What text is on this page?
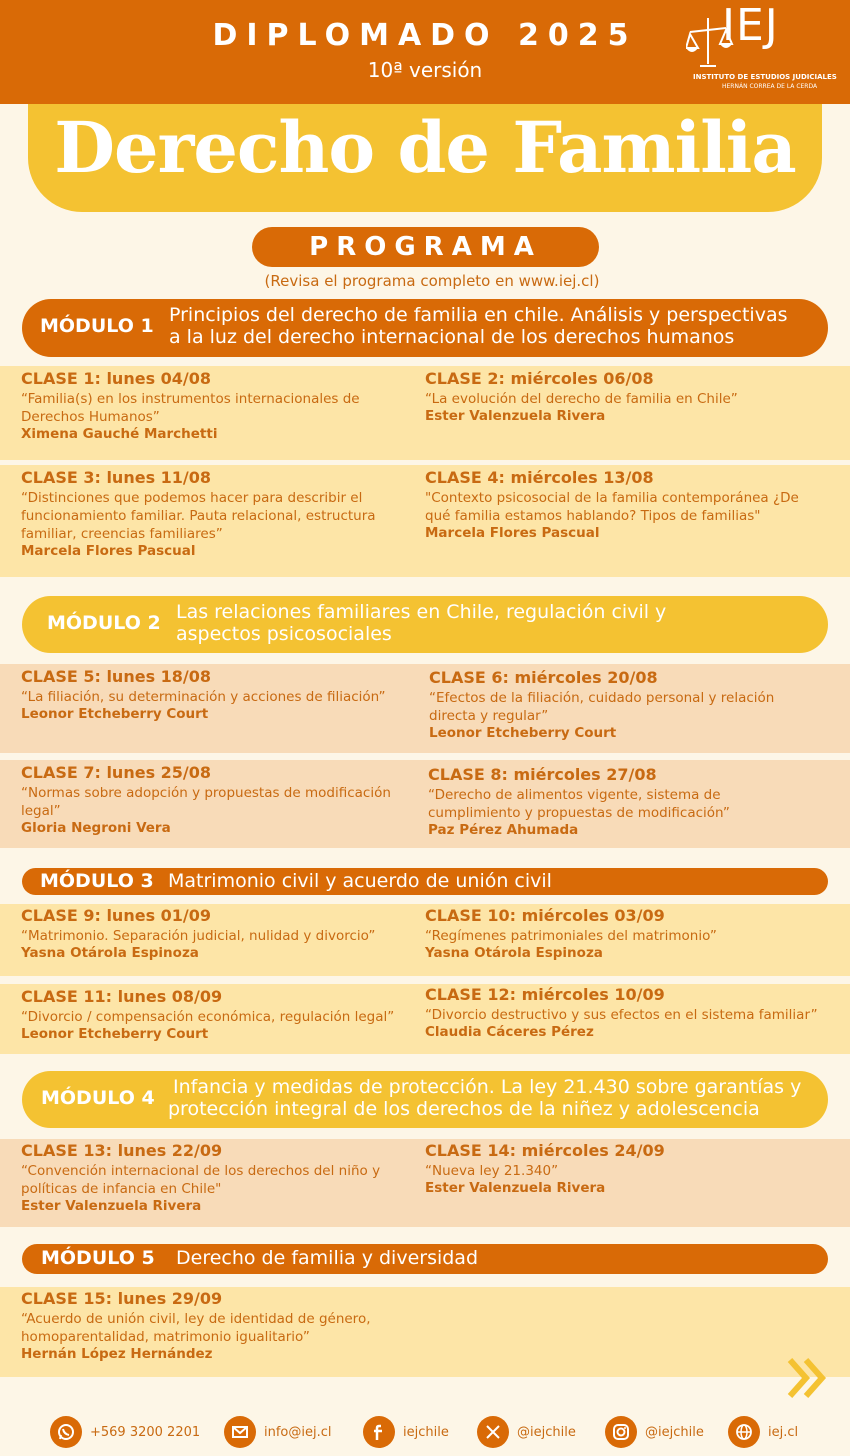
DIPLOMADO 2025
10ª versión
IEJ
INSTITUTO DE ESTUDIOS JUDICIALES
HERNÁN CORREA DE LA CERDA
Derecho de Familia
PROGRAMA
(Revisa el programa completo en www.iej.cl)
MÓDULO 1 Principios del derecho de familia en chile. Análisis y perspectivas
a la luz del derecho internacional de los derechos humanos
CLASE 1: lunes 04/08
“Familia(s) en los instrumentos internacionales de Derechos Humanos”
Ximena Gauché Marchetti
CLASE 2: miércoles 06/08
“La evolución del derecho de familia en Chile”
Ester Valenzuela Rivera
CLASE 3: lunes 11/08
“Distinciones que podemos hacer para describir el funcionamiento familiar. Pauta relacional, estructura familiar, creencias familiares”
Marcela Flores Pascual
CLASE 4: miércoles 13/08
"Contexto psicosocial de la familia contemporánea ¿De qué familia estamos hablando? Tipos de familias"
Marcela Flores Pascual
MÓDULO 2 Las relaciones familiares en Chile, regulación civil y
aspectos psicosociales
CLASE 5: lunes 18/08
“La filiación, su determinación y acciones de filiación”
Leonor Etcheberry Court
CLASE 6: miércoles 20/08
“Efectos de la filiación, cuidado personal y relación directa y regular”
Leonor Etcheberry Court
CLASE 7: lunes 25/08
“Normas sobre adopción y propuestas de modificación legal”
Gloria Negroni Vera
CLASE 8: miércoles 27/08
“Derecho de alimentos vigente, sistema de cumplimiento y propuestas de modificación”
Paz Pérez Ahumada
MÓDULO 3 Matrimonio civil y acuerdo de unión civil
CLASE 9: lunes 01/09
“Matrimonio. Separación judicial, nulidad y divorcio”
Yasna Otárola Espinoza
CLASE 10: miércoles 03/09
“Regímenes patrimoniales del matrimonio”
Yasna Otárola Espinoza
CLASE 11: lunes 08/09
“Divorcio / compensación económica, regulación legal”
Leonor Etcheberry Court
CLASE 12: miércoles 10/09
“Divorcio destructivo y sus efectos en el sistema familiar”
Claudia Cáceres Pérez
MÓDULO 4 Infancia y medidas de protección. La ley 21.430 sobre garantías y
protección integral de los derechos de la niñez y adolescencia
CLASE 13: lunes 22/09
“Convención internacional de los derechos del niño y políticas de infancia en Chile"
Ester Valenzuela Rivera
CLASE 14: miércoles 24/09
“Nueva ley 21.340”
Ester Valenzuela Rivera
MÓDULO 5 Derecho de familia y diversidad
CLASE 15: lunes 29/09
“Acuerdo de unión civil, ley de identidad de género, homoparentalidad, matrimonio igualitario”
Hernán López Hernández
+569 3200 2201	info@iej.cl	iejchile	@iejchile	@iejchile	iej.cl
